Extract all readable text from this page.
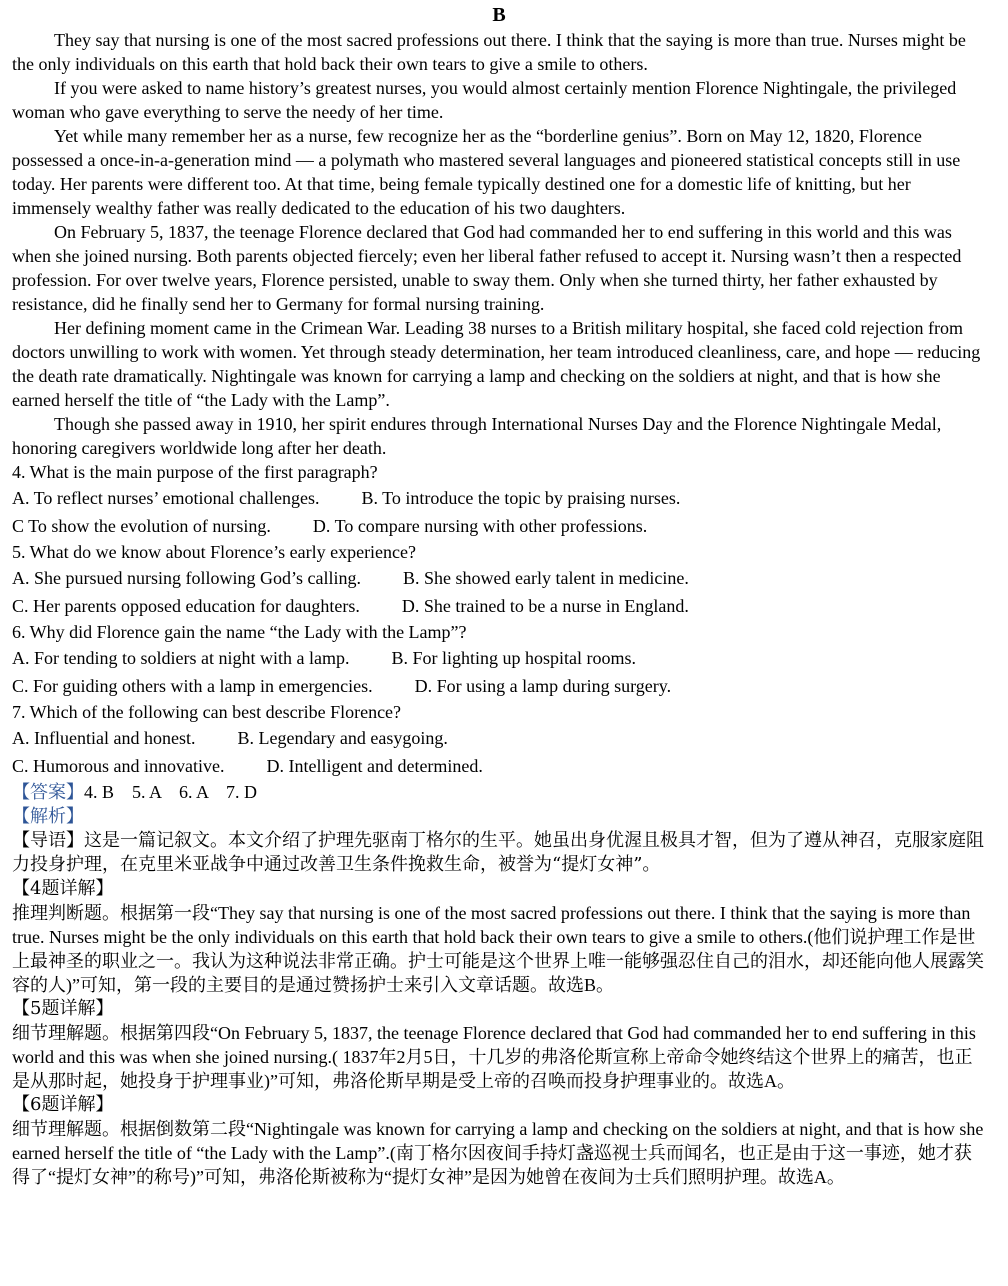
B

They say that nursing is one of the most sacred professions out there. I think that the saying is more than true. Nurses might be the only individuals on this earth that hold back their own tears to give a smile to others.

If you were asked to name history’s greatest nurses, you would almost certainly mention Florence Nightingale, the privileged woman who gave everything to serve the needy of her time.

Yet while many remember her as a nurse, few recognize her as the “borderline genius”. Born on May 12, 1820, Florence possessed a once-in-a-generation mind — a polymath who mastered several languages and pioneered statistical concepts still in use today. Her parents were different too. At that time, being female typically destined one for a domestic life of knitting, but her immensely wealthy father was really dedicated to the education of his two daughters.

On February 5, 1837, the teenage Florence declared that God had commanded her to end suffering in this world and this was when she joined nursing. Both parents objected fiercely; even her liberal father refused to accept it. Nursing wasn’t then a respected profession. For over twelve years, Florence persisted, unable to sway them. Only when she turned thirty, her father exhausted by resistance, did he finally send her to Germany for formal nursing training.

Her defining moment came in the Crimean War. Leading 38 nurses to a British military hospital, she faced cold rejection from doctors unwilling to work with women. Yet through steady determination, her team introduced cleanliness, care, and hope — reducing the death rate dramatically. Nightingale was known for carrying a lamp and checking on the soldiers at night, and that is how she earned herself the title of “the Lady with the Lamp”.

Though she passed away in 1910, her spirit endures through International Nurses Day and the Florence Nightingale Medal, honoring caregivers worldwide long after her death.

4. What is the main purpose of the first paragraph?

A. To reflect nurses’ emotional challenges. B. To introduce the topic by praising nurses.
C To show the evolution of nursing. D. To compare nursing with other professions.

5. What do we know about Florence’s early experience?

A. She pursued nursing following God’s calling. B. She showed early talent in medicine.
C. Her parents opposed education for daughters. D. She trained to be a nurse in England.

6. Why did Florence gain the name “the Lady with the Lamp”?

A. For tending to soldiers at night with a lamp. B. For lighting up hospital rooms.
C. For guiding others with a lamp in emergencies. D. For using a lamp during surgery.

7. Which of the following can best describe Florence?

A. Influential and honest. B. Legendary and easygoing.
C. Humorous and innovative. D. Intelligent and determined.

【答案】4. B    5. A    6. A    7. D

【解析】

【导语】这是一篇记叙文。本文介绍了护理先驱南丁格尔的生平。她虽出身优渥且极具才智，但为了遵从神召，克服家庭阻力投身护理，在克里米亚战争中通过改善卫生条件挽救生命，被誉为“提灯女神”。

【4题详解】

推理判断题。根据第一段“They say that nursing is one of the most sacred professions out there. I think that the saying is more than true. Nurses might be the only individuals on this earth that hold back their own tears to give a smile to others.(他们说护理工作是世上最神圣的职业之一。我认为这种说法非常正确。护士可能是这个世界上唯一能够强忍住自己的泪水，却还能向他人展露笑容的人)”可知，第一段的主要目的是通过赞扬护士来引入文章话题。故选B。

【5题详解】

细节理解题。根据第四段“On February 5, 1837, the teenage Florence declared that God had commanded her to end suffering in this world and this was when she joined nursing.( 1837年2月5日，十几岁的弗洛伦斯宣称上帝命令她终结这个世界上的痛苦，也正是从那时起，她投身于护理事业)”可知，弗洛伦斯早期是受上帝的召唤而投身护理事业的。故选A。

【6题详解】

细节理解题。根据倒数第二段“Nightingale was known for carrying a lamp and checking on the soldiers at night, and that is how she earned herself the title of “the Lady with the Lamp”.(南丁格尔因夜间手持灯盏巡视士兵而闻名，也正是由于这一事迹，她才获得了“提灯女神”的称号)”可知，弗洛伦斯被称为“提灯女神”是因为她曾在夜间为士兵们照明护理。故选A。
